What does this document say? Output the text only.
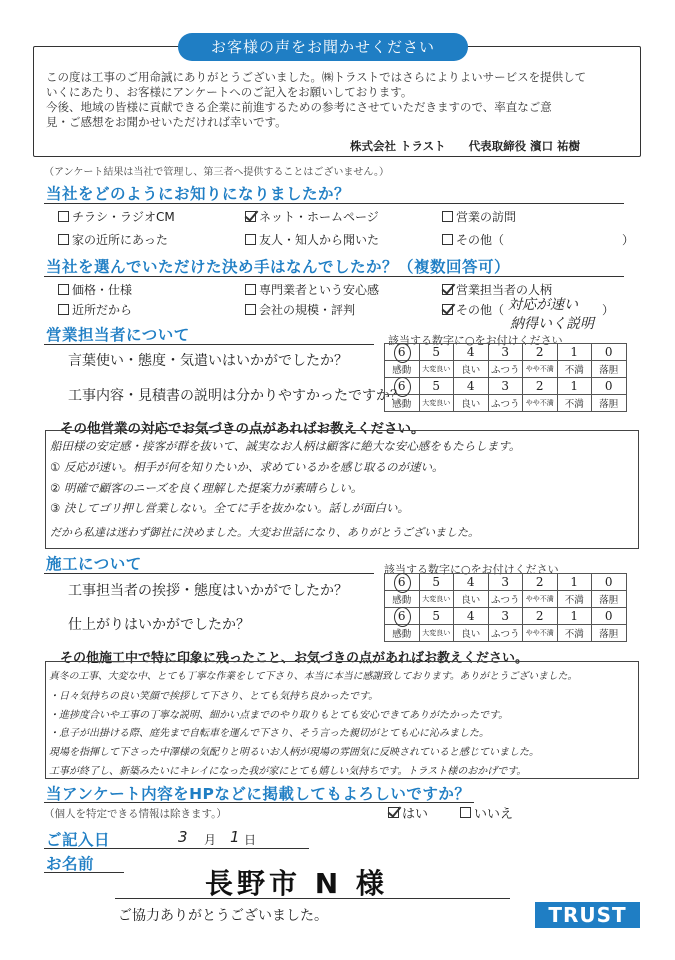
お客様の声をお聞かせください
この度は工事のご用命誠にありがとうございました。㈱トラストではさらによりよいサービスを提供して
いくにあたり、お客様にアンケートへのご記入をお願いしております。
今後、地域の皆様に貢献できる企業に前進するための参考にさせていただきますので、率直なご意
見・ご感想をお聞かせいただければ幸いです。
株式会社 トラスト　　代表取締役 濱口 祐樹
（アンケート結果は当社で管理し、第三者へ提供することはございません。）
当社をどのようにお知りになりましたか？
チラシ・ラジオCM	ネット・ホームページ	営業の訪問
家の近所にあった	友人・知人から聞いた	その他（	）
当社を選んでいただけた決め手はなんでしたか？（複数回答可）
価格・仕様	専門業者という安心感	営業担当者の人柄
近所だから	会社の規模・評判	その他（ 対応が速い
納得いく説明
）
営業担当者について	該当する数字に○をお付けください
言葉使い・態度・気遣いはいかがでしたか？
工事内容・見積書の説明は分かりやすかったですか？
6	5	4	3	2	1	0
感動	大変良い	良い	ふつう	やや不満	不満	落胆
6	5	4	3	2	1	0
感動	大変良い	良い	ふつう	やや不満	不満	落胆
その他営業の対応でお気づきの点があればお教えください。
船田様の安定感・接客が群を抜いて、誠実なお人柄は顧客に絶大な安心感をもたらします。
① 反応が速い。相手が何を知りたいか、求めているかを感じ取るのが速い。
② 明確で顧客のニーズを良く理解した提案力が素晴らしい。
③ 決してゴリ押し営業しない。全てに手を抜かない。話しが面白い。
だから私達は迷わず御社に決めました。大変お世話になり、ありがとうございました。
施工について	該当する数字に○をお付けください
工事担当者の挨拶・態度はいかがでしたか？
仕上がりはいかがでしたか？
6	5	4	3	2	1	0
感動	大変良い	良い	ふつう	やや不満	不満	落胆
6	5	4	3	2	1	0
感動	大変良い	良い	ふつう	やや不満	不満	落胆
その他施工中で特に印象に残ったこと、お気づきの点があればお教えください。
真冬の工事、大変な中、とても丁寧な作業をして下さり、本当に本当に感謝致しております。ありがとうございました。
・日々気持ちの良い笑顔で挨拶して下さり、とても気持ち良かったです。
・進捗度合いや工事の丁寧な説明、細かい点までのやり取りもとても安心できてありがたかったです。
・息子が出掛ける際、庭先まで自転車を運んで下さり、そう言った親切がとても心に沁みました。
現場を指揮して下さった中澤様の気配りと明るいお人柄が現場の雰囲気に反映されていると感じていました。
工事が終了し、新築みたいにキレイになった我が家にとても嬉しい気持ちです。トラスト様のおかげです。
当アンケート内容をHPなどに掲載してもよろしいですか？
（個人を特定できる情報は除きます。）	はい	いいえ
ご記入日	3 月 1 日
お名前
長野市 N 様
ご協力ありがとうございました。	TRUST
